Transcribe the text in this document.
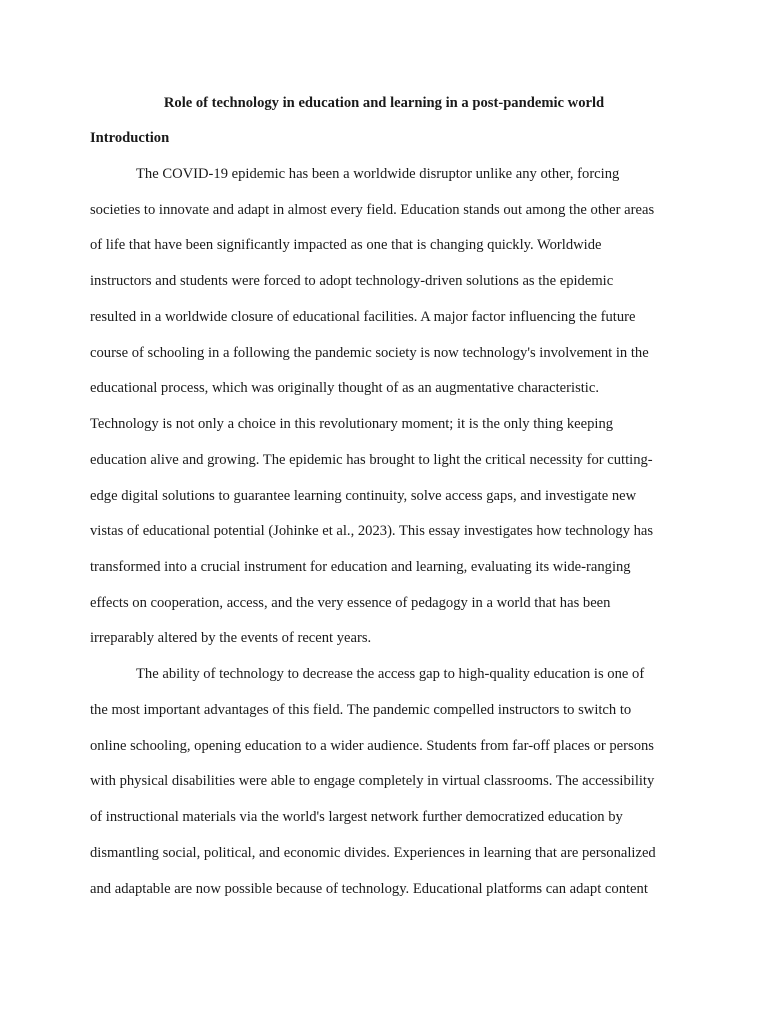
Role of technology in education and learning in a post-pandemic world

Introduction

The COVID-19 epidemic has been a worldwide disruptor unlike any other, forcing

societies to innovate and adapt in almost every field. Education stands out among the other areas

of life that have been significantly impacted as one that is changing quickly. Worldwide

instructors and students were forced to adopt technology-driven solutions as the epidemic

resulted in a worldwide closure of educational facilities. A major factor influencing the future

course of schooling in a following the pandemic society is now technology's involvement in the

educational process, which was originally thought of as an augmentative characteristic.

Technology is not only a choice in this revolutionary moment; it is the only thing keeping

education alive and growing. The epidemic has brought to light the critical necessity for cutting-

edge digital solutions to guarantee learning continuity, solve access gaps, and investigate new

vistas of educational potential (Johinke et al., 2023). This essay investigates how technology has

transformed into a crucial instrument for education and learning, evaluating its wide-ranging

effects on cooperation, access, and the very essence of pedagogy in a world that has been

irreparably altered by the events of recent years.

The ability of technology to decrease the access gap to high-quality education is one of

the most important advantages of this field. The pandemic compelled instructors to switch to

online schooling, opening education to a wider audience. Students from far-off places or persons

with physical disabilities were able to engage completely in virtual classrooms. The accessibility

of instructional materials via the world's largest network further democratized education by

dismantling social, political, and economic divides. Experiences in learning that are personalized

and adaptable are now possible because of technology. Educational platforms can adapt content
